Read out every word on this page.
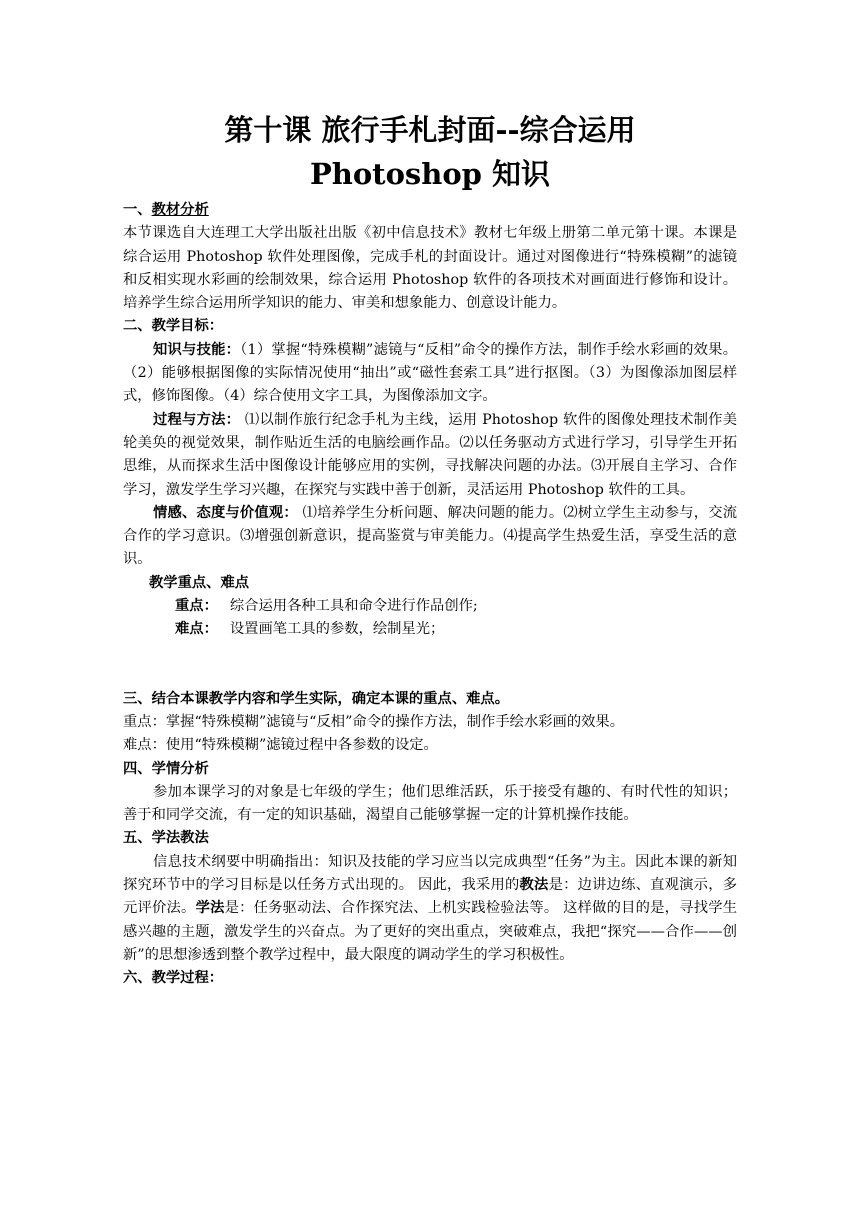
第十课 旅行手札封面--综合运用
Photoshop 知识

一、教材分析

本节课选自大连理工大学出版社出版《初中信息技术》教材七年级上册第二单元第十课。本课是综合运用 Photoshop 软件处理图像，完成手札的封面设计。通过对图像进行“特殊模糊”的滤镜和反相实现水彩画的绘制效果，综合运用 Photoshop 软件的各项技术对画面进行修饰和设计。培养学生综合运用所学知识的能力、审美和想象能力、创意设计能力。

二、教学目标：

知识与技能：（1）掌握“特殊模糊”滤镜与“反相”命令的操作方法，制作手绘水彩画的效果。（2）能够根据图像的实际情况使用“抽出”或“磁性套索工具”进行抠图。（3）为图像添加图层样式，修饰图像。（4）综合使用文字工具，为图像添加文字。

过程与方法： ⑴以制作旅行纪念手札为主线，运用 Photoshop 软件的图像处理技术制作美轮美奂的视觉效果，制作贴近生活的电脑绘画作品。⑵以任务驱动方式进行学习，引导学生开拓思维，从而探求生活中图像设计能够应用的实例，寻找解决问题的办法。⑶开展自主学习、合作学习，激发学生学习兴趣，在探究与实践中善于创新，灵活运用 Photoshop 软件的工具。

情感、态度与价值观： ⑴培养学生分析问题、解决问题的能力。⑵树立学生主动参与，交流合作的学习意识。⑶增强创新意识，提高鉴赏与审美能力。⑷提高学生热爱生活，享受生活的意识。

教学重点、难点

重点： 综合运用各种工具和命令进行作品创作;

难点： 设置画笔工具的参数，绘制星光；

三、结合本课教学内容和学生实际，确定本课的重点、难点。

重点：掌握“特殊模糊”滤镜与“反相”命令的操作方法，制作手绘水彩画的效果。

难点：使用“特殊模糊”滤镜过程中各参数的设定。

四、学情分析

参加本课学习的对象是七年级的学生；他们思维活跃，乐于接受有趣的、有时代性的知识；善于和同学交流，有一定的知识基础，渴望自己能够掌握一定的计算机操作技能。

五、学法教法

信息技术纲要中明确指出：知识及技能的学习应当以完成典型“任务”为主。因此本课的新知探究环节中的学习目标是以任务方式出现的。 因此，我采用的教法是：边讲边练、直观演示，多元评价法。学法是：任务驱动法、合作探究法、上机实践检验法等。 这样做的目的是，寻找学生感兴趣的主题，激发学生的兴奋点。为了更好的突出重点，突破难点，我把“探究——合作——创新”的思想渗透到整个教学过程中，最大限度的调动学生的学习积极性。

六、教学过程：
